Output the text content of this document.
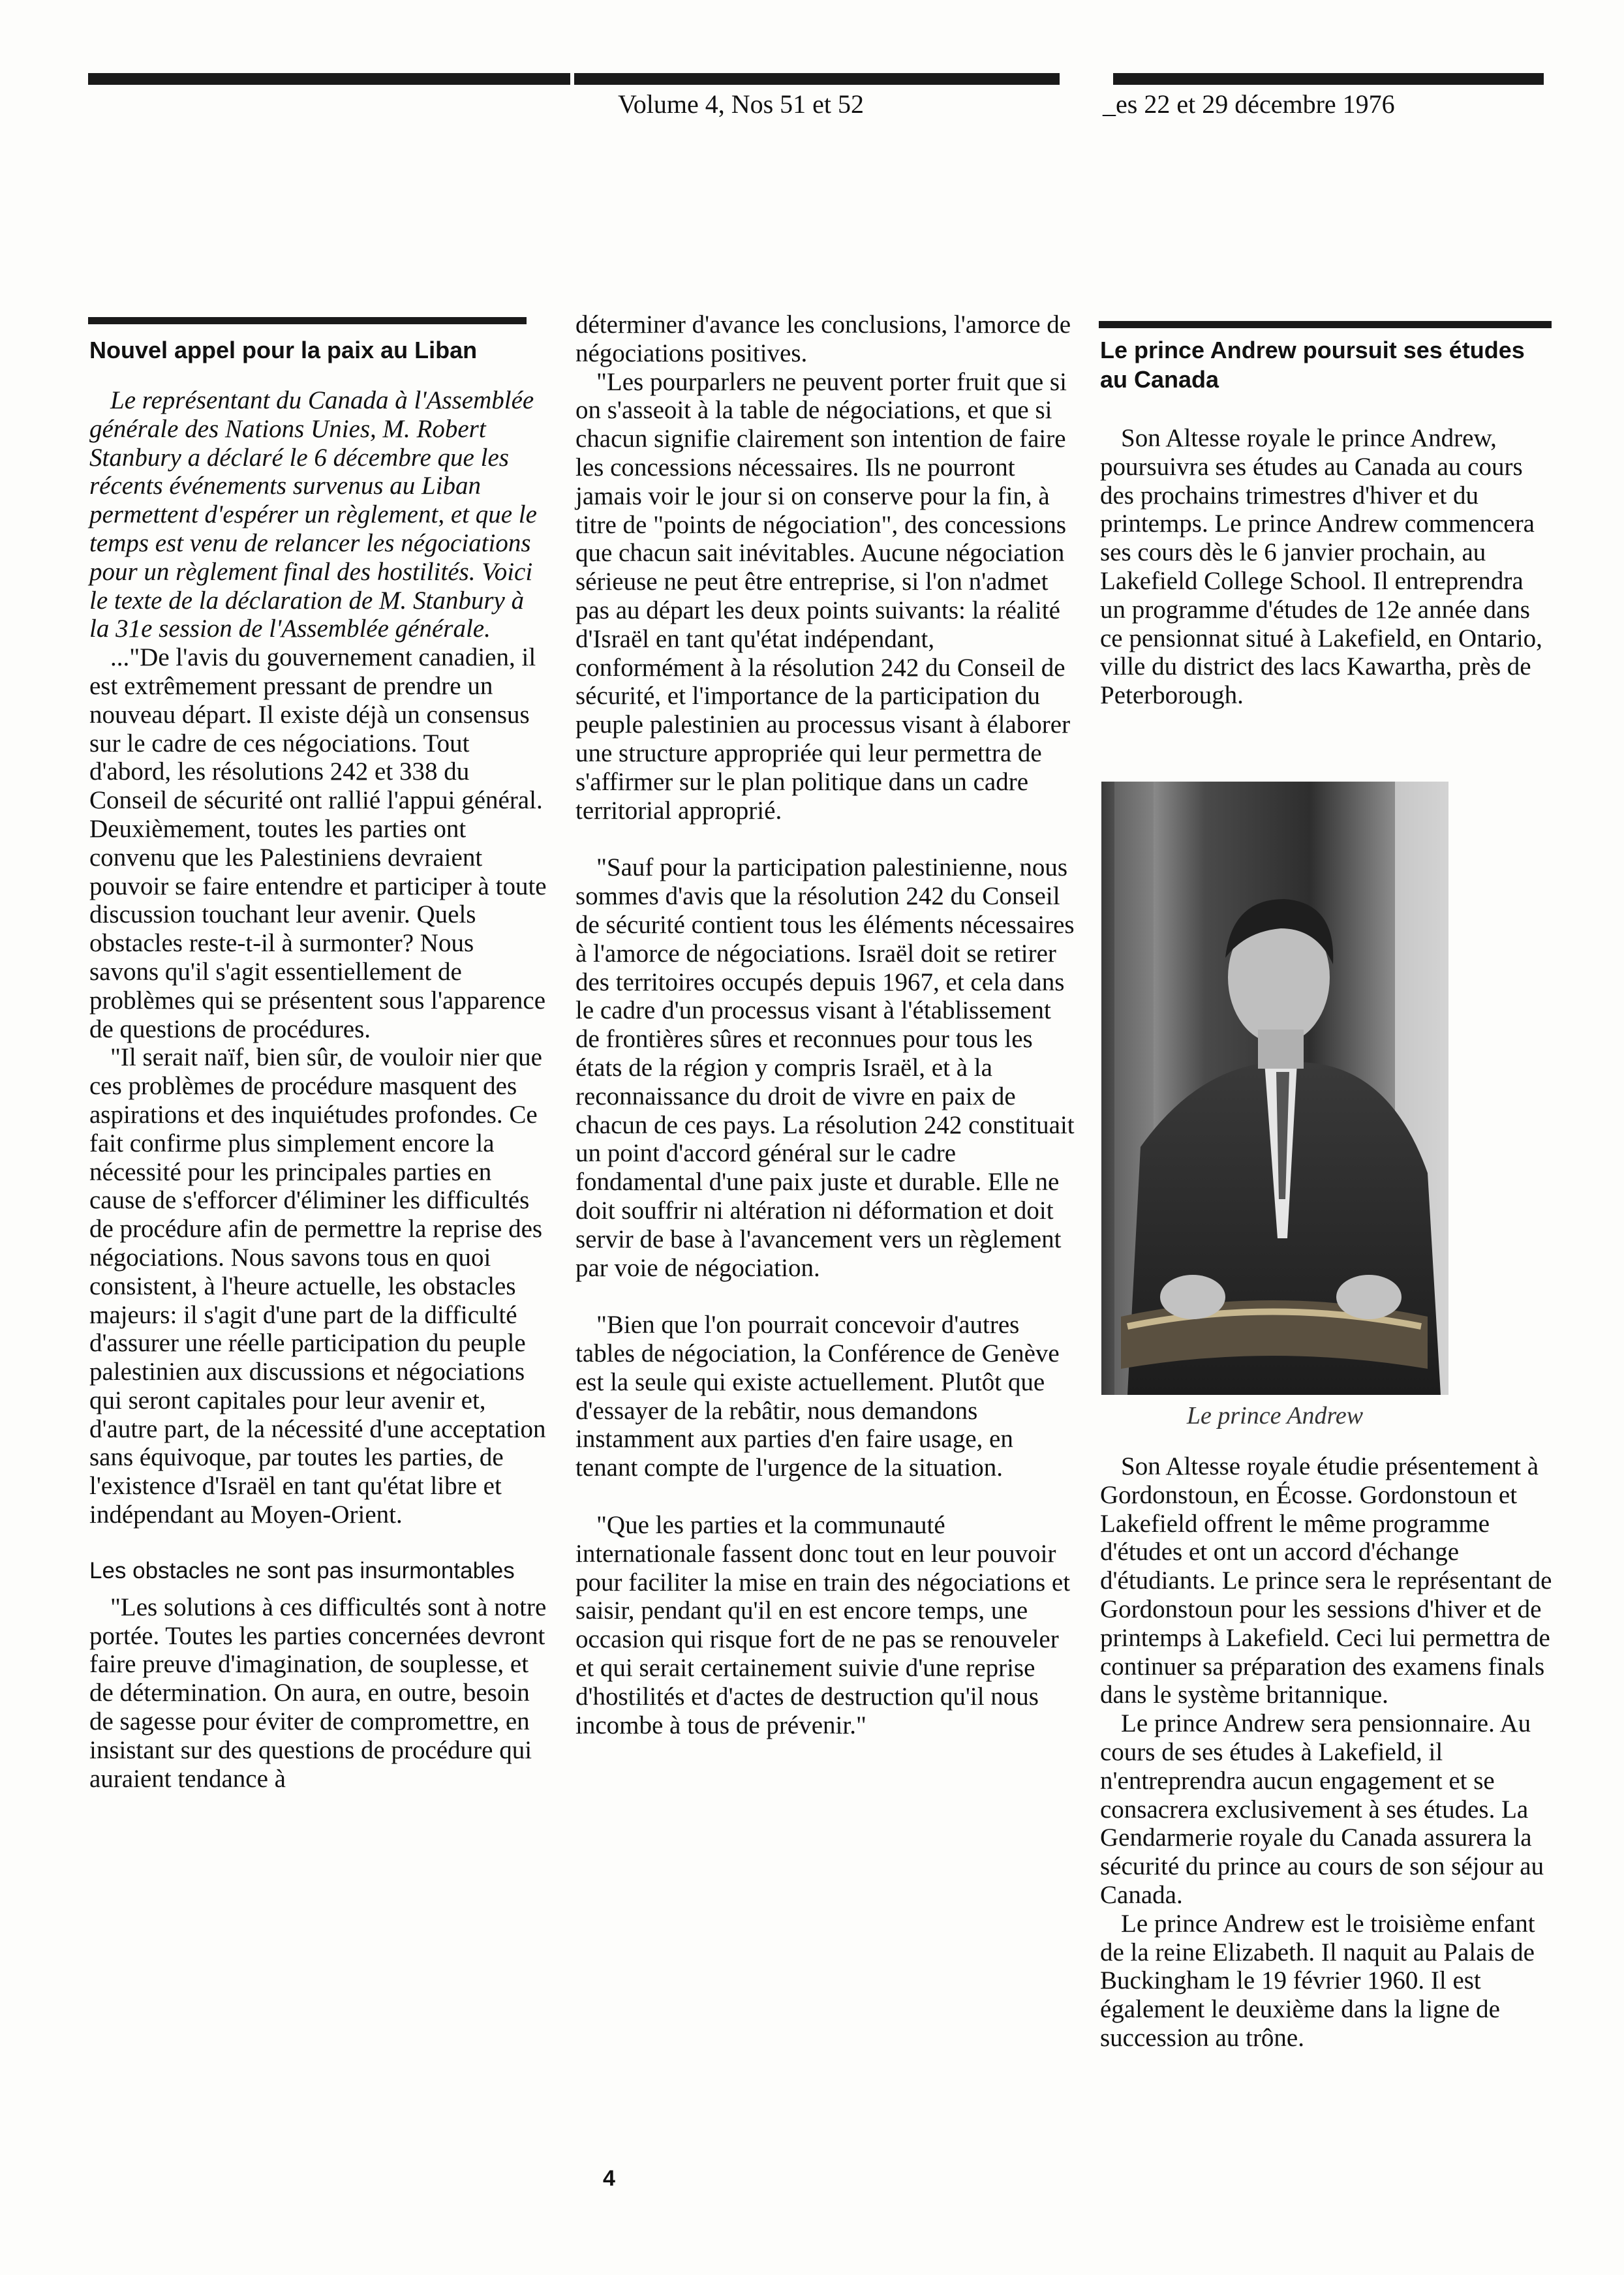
Volume 4, Nos 51 et 52	_es 22 et 29 décembre 1976
Nouvel appel pour la paix au Liban

Le représentant du Canada à l'Assemblée générale des Nations Unies, M. Robert Stanbury a déclaré le 6 décembre que les récents événements survenus au Liban permettent d'espérer un règlement, et que le temps est venu de relancer les négociations pour un règlement final des hostilités. Voici le texte de la déclaration de M. Stanbury à la 31e session de l'Assemblée générale.

..."De l'avis du gouvernement canadien, il est extrêmement pressant de prendre un nouveau départ. Il existe déjà un consensus sur le cadre de ces négociations. Tout d'abord, les résolutions 242 et 338 du Conseil de sécurité ont rallié l'appui général. Deuxièmement, toutes les parties ont convenu que les Palestiniens devraient pouvoir se faire entendre et participer à toute discussion touchant leur avenir. Quels obstacles reste-t-il à surmonter? Nous savons qu'il s'agit essentiellement de problèmes qui se présentent sous l'apparence de questions de procédures.

"Il serait naïf, bien sûr, de vouloir nier que ces problèmes de procédure masquent des aspirations et des inquiétudes profondes. Ce fait confirme plus simplement encore la nécessité pour les principales parties en cause de s'efforcer d'éliminer les difficultés de procédure afin de permettre la reprise des négociations. Nous savons tous en quoi consistent, à l'heure actuelle, les obstacles majeurs: il s'agit d'une part de la difficulté d'assurer une réelle participation du peuple palestinien aux discussions et négociations qui seront capitales pour leur avenir et, d'autre part, de la nécessité d'une acceptation sans équivoque, par toutes les parties, de l'existence d'Israël en tant qu'état libre et indépendant au Moyen-Orient.

Les obstacles ne sont pas insurmontables

"Les solutions à ces difficultés sont à notre portée. Toutes les parties concernées devront faire preuve d'imagination, de souplesse, et de détermination. On aura, en outre, besoin de sagesse pour éviter de compromettre, en insistant sur des questions de procédure qui auraient tendance à

déterminer d'avance les conclusions, l'amorce de négociations positives.

"Les pourparlers ne peuvent porter fruit que si on s'asseoit à la table de négociations, et que si chacun signifie clairement son intention de faire les concessions nécessaires. Ils ne pourront jamais voir le jour si on conserve pour la fin, à titre de "points de négociation", des concessions que chacun sait inévitables. Aucune négociation sérieuse ne peut être entreprise, si l'on n'admet pas au départ les deux points suivants: la réalité d'Israël en tant qu'état indépendant, conformément à la résolution 242 du Conseil de sécurité, et l'importance de la participation du peuple palestinien au processus visant à élaborer une structure appropriée qui leur permettra de s'affirmer sur le plan politique dans un cadre territorial approprié.

"Sauf pour la participation palestinienne, nous sommes d'avis que la résolution 242 du Conseil de sécurité contient tous les éléments nécessaires à l'amorce de négociations. Israël doit se retirer des territoires occupés depuis 1967, et cela dans le cadre d'un processus visant à l'établissement de frontières sûres et reconnues pour tous les états de la région y compris Israël, et à la reconnaissance du droit de vivre en paix de chacun de ces pays. La résolution 242 constituait un point d'accord général sur le cadre fondamental d'une paix juste et durable. Elle ne doit souffrir ni altération ni déformation et doit servir de base à l'avancement vers un règlement par voie de négociation.

"Bien que l'on pourrait concevoir d'autres tables de négociation, la Conférence de Genève est la seule qui existe actuellement. Plutôt que d'essayer de la rebâtir, nous demandons instamment aux parties d'en faire usage, en tenant compte de l'urgence de la situation.

"Que les parties et la communauté internationale fassent donc tout en leur pouvoir pour faciliter la mise en train des négociations et saisir, pendant qu'il en est encore temps, une occasion qui risque fort de ne pas se renouveler et qui serait certainement suivie d'une reprise d'hostilités et d'actes de destruction qu'il nous incombe à tous de prévenir."

Le prince Andrew poursuit ses études au Canada

Son Altesse royale le prince Andrew, poursuivra ses études au Canada au cours des prochains trimestres d'hiver et du printemps. Le prince Andrew commencera ses cours dès le 6 janvier prochain, au Lakefield College School. Il entreprendra un programme d'études de 12e année dans ce pensionnat situé à Lakefield, en Ontario, ville du district des lacs Kawartha, près de Peterborough.

Le prince Andrew

Son Altesse royale étudie présentement à Gordonstoun, en Écosse. Gordonstoun et Lakefield offrent le même programme d'études et ont un accord d'échange d'étudiants. Le prince sera le représentant de Gordonstoun pour les sessions d'hiver et de printemps à Lakefield. Ceci lui permettra de continuer sa préparation des examens finals dans le système britannique.

Le prince Andrew sera pensionnaire. Au cours de ses études à Lakefield, il n'entreprendra aucun engagement et se consacrera exclusivement à ses études. La Gendarmerie royale du Canada assurera la sécurité du prince au cours de son séjour au Canada.

Le prince Andrew est le troisième enfant de la reine Elizabeth. Il naquit au Palais de Buckingham le 19 février 1960. Il est également le deuxième dans la ligne de succession au trône.

4
